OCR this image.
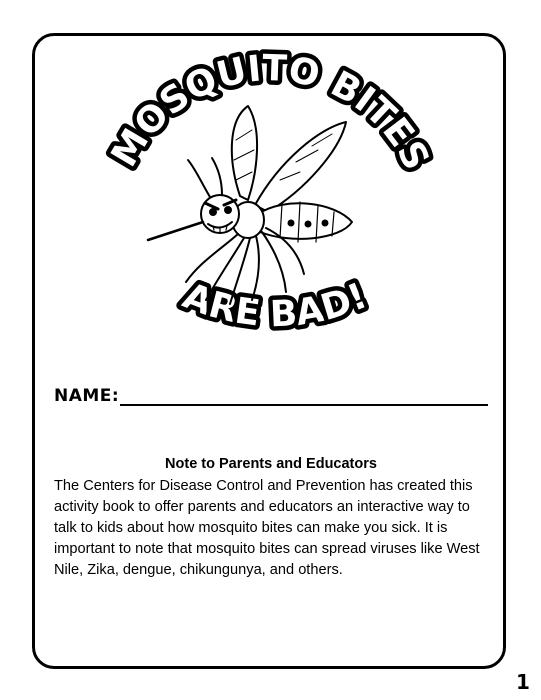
MOSQUITO BITES
ARE BAD!
NAME:
Note to Parents and Educators
The Centers for Disease Control and Prevention has created this activity book to offer parents and educators an interactive way to talk to kids about how mosquito bites can make you sick. It is important to note that mosquito bites can spread viruses like West Nile, Zika, dengue, chikungunya, and others.
1
